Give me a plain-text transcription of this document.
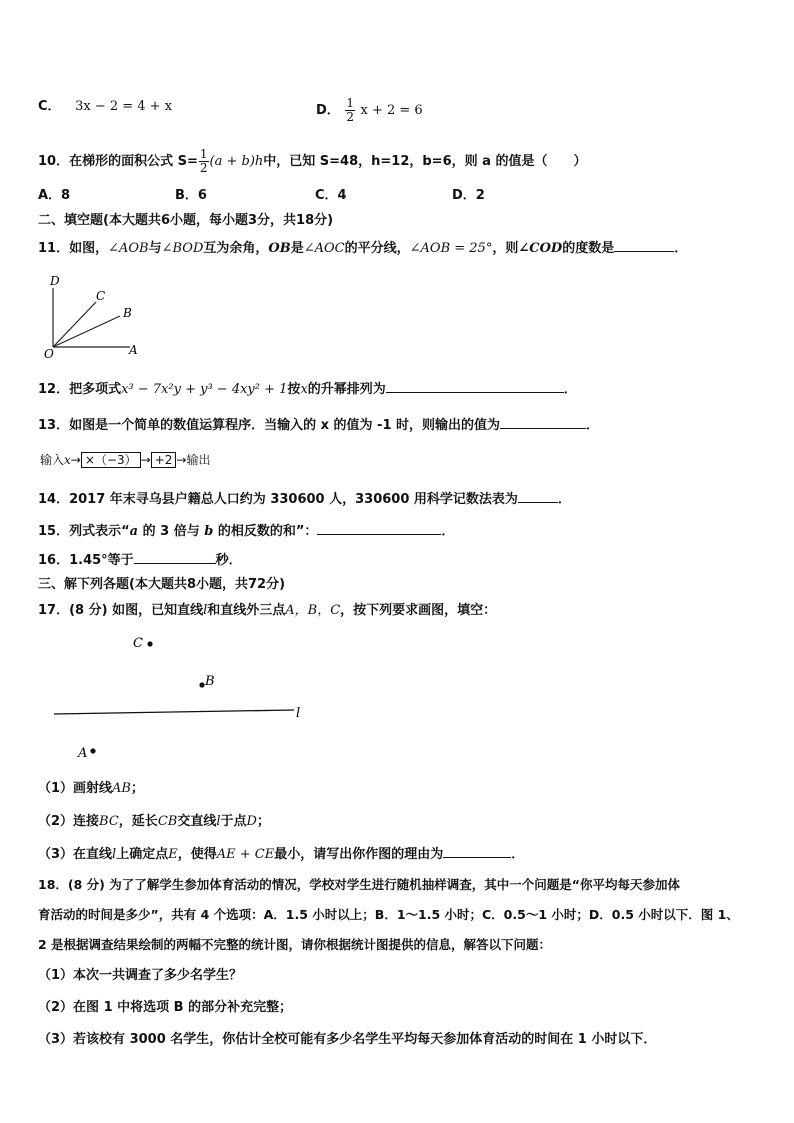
C． 3x − 2 = 4 + x	D． $\frac{1}{2}$ x + 2 = 6
10．在梯形的面积公式 $S= \frac{1}{2} (a + b)h$中，已知 S=48，h=12，b=6，则 a 的值是（　　）
A．8	B．6	C．4	D．2
二、填空题(本大题共6小题，每小题3分，共18分)
11．如图，∠AOB与∠BOD互为余角，OB是∠AOC的平分线，∠AOB = 25°，则∠COD的度数是	．
D
C
B
O	A
12．把多项式x³ − 7x²y + y³ − 4xy² + 1按x的升幂排列为	．
13．如图是一个简单的数值运算程序．当输入的 x 的值为 -1 时，则输出的值为	．
输入x→ ×（−3） → +2 →输出
14．2017 年末寻乌县户籍总人口约为 330600 人，330600 用科学记数法表为	．
15．列式表示“a 的 3 倍与 b 的相反数的和”：	．
16．1.45°等于	秒．
三、解下列各题(本大题共8小题，共72分)
17．(8 分) 如图，已知直线l和直线外三点A，B，C，按下列要求画图，填空：
C
B
l
A
（1）画射线AB；
（2）连接BC，延长CB交直线l于点D；
（3）在直线l上确定点E，使得AE + CE最小，请写出你作图的理由为	．
18．(8 分) 为了了解学生参加体育活动的情况，学校对学生进行随机抽样调查，其中一个问题是“你平均每天参加体
育活动的时间是多少”，共有 4 个选项：A．1.5 小时以上；B．1～1.5 小时；C．0.5～1 小时；D．0.5 小时以下．图 1、
2 是根据调查结果绘制的两幅不完整的统计图，请你根据统计图提供的信息，解答以下问题：
（1）本次一共调查了多少名学生？
（2）在图 1 中将选项 B 的部分补充完整；
（3）若该校有 3000 名学生，你估计全校可能有多少名学生平均每天参加体育活动的时间在 1 小时以下．
